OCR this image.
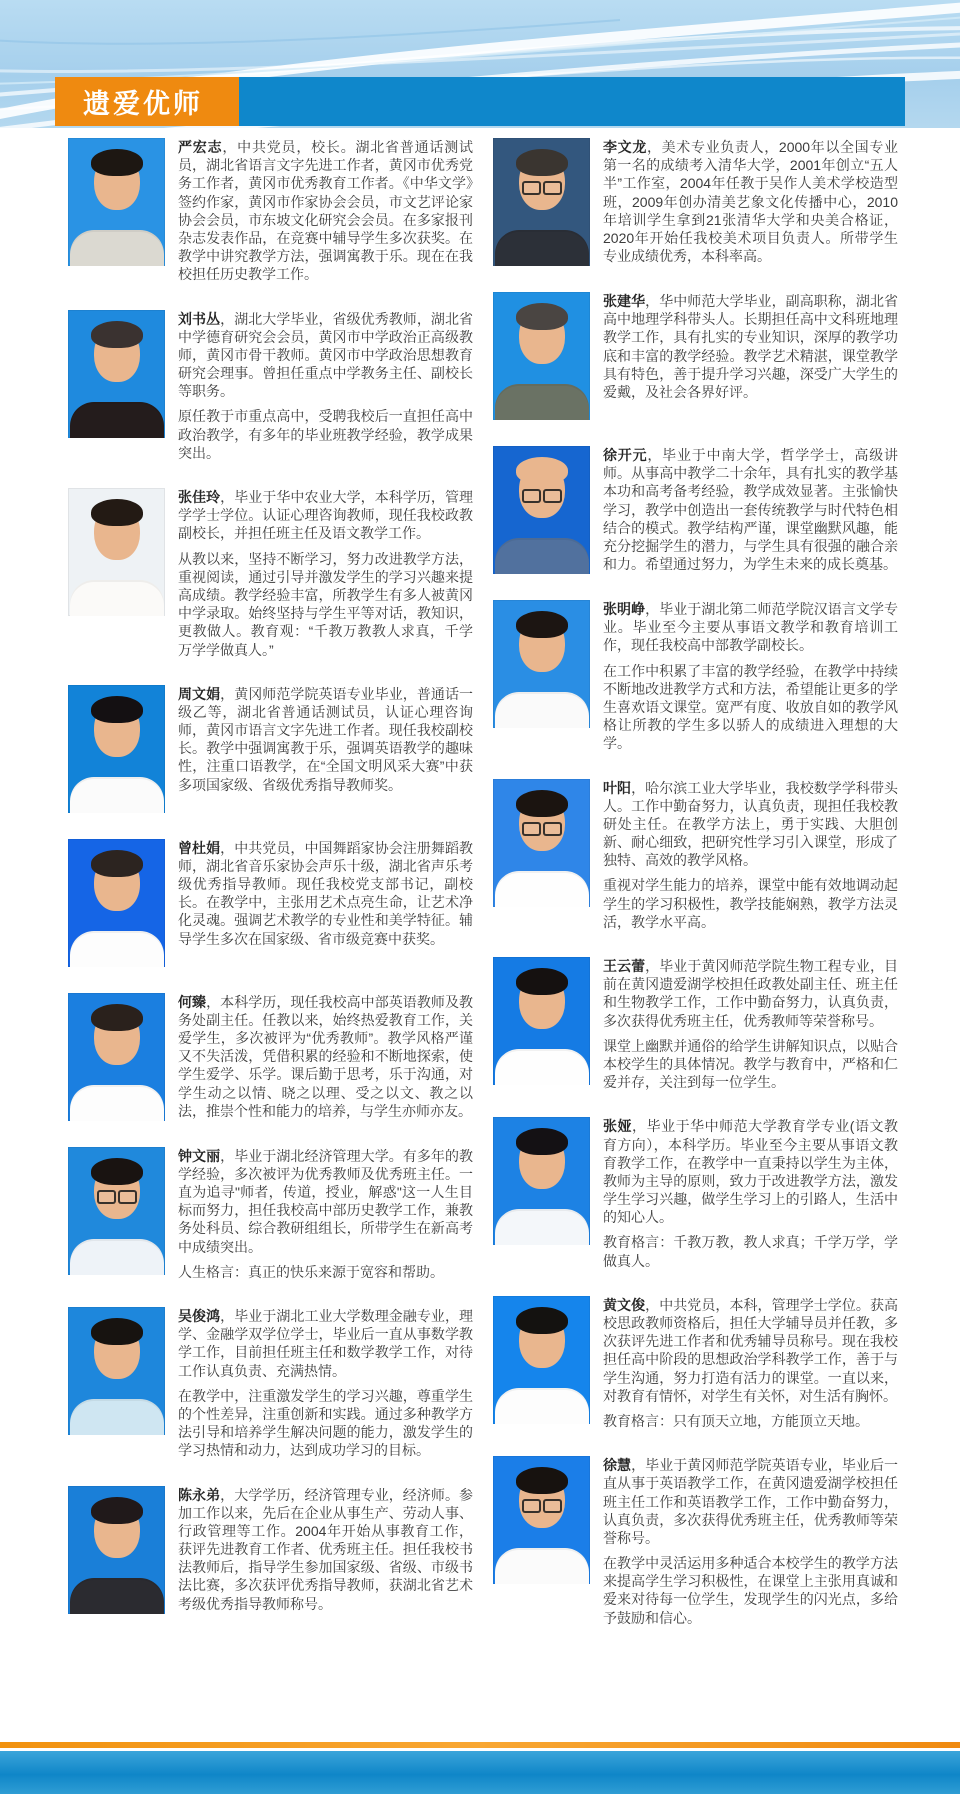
遗爱优师

严宏志，中共党员，校长。湖北省普通话测试员，湖北省语言文字先进工作者，黄冈市优秀党务工作者，黄冈市优秀教育工作者。《中华文学》签约作家，黄冈市作家协会会员，市文艺评论家协会会员，市东坡文化研究会会员。在多家报刊杂志发表作品，在竞赛中辅导学生多次获奖。在教学中讲究教学方法，强调寓教于乐。现在在我校担任历史教学工作。

刘书丛，湖北大学毕业，省级优秀教师，湖北省中学德育研究会会员，黄冈市中学政治正高级教师，黄冈市骨干教师。黄冈市中学政治思想教育研究会理事。曾担任重点中学教务主任、副校长等职务。

原任教于市重点高中，受聘我校后一直担任高中政治教学，有多年的毕业班教学经验，教学成果突出。

张佳玲，毕业于华中农业大学，本科学历，管理学学士学位。认证心理咨询教师，现任我校政教副校长，并担任班主任及语文教学工作。

从教以来，坚持不断学习，努力改进教学方法，重视阅读，通过引导并激发学生的学习兴趣来提高成绩。教学经验丰富，所教学生有多人被黄冈中学录取。始终坚持与学生平等对话，教知识，更教做人。教育观：“千教万教教人求真，千学万学学做真人。”

周文娟，黄冈师范学院英语专业毕业，普通话一级乙等，湖北省普通话测试员，认证心理咨询师，黄冈市语言文字先进工作者。现任我校副校长。教学中强调寓教于乐，强调英语教学的趣味性，注重口语教学，在“全国文明风采大赛”中获多项国家级、省级优秀指导教师奖。

曾杜娟，中共党员，中国舞蹈家协会注册舞蹈教师，湖北省音乐家协会声乐十级，湖北省声乐考级优秀指导教师。现任我校党支部书记，副校长。在教学中，主张用艺术点亮生命，让艺术净化灵魂。强调艺术教学的专业性和美学特征。辅导学生多次在国家级、省市级竞赛中获奖。

何臻，本科学历，现任我校高中部英语教师及教务处副主任。任教以来，始终热爱教育工作，关爱学生，多次被评为“优秀教师”。教学风格严谨又不失活泼，凭借积累的经验和不断地探索，使学生爱学、乐学。课后勤于思考，乐于沟通，对学生动之以情、晓之以理、受之以文、教之以法，推崇个性和能力的培养，与学生亦师亦友。

钟文丽，毕业于湖北经济管理大学。有多年的教学经验，多次被评为优秀教师及优秀班主任。一直为追寻"师者，传道，授业，解惑"这一人生目标而努力，担任我校高中部历史教学工作，兼教务处科员、综合教研组组长，所带学生在新高考中成绩突出。

人生格言：真正的快乐来源于宽容和帮助。

吴俊鸿，毕业于湖北工业大学数理金融专业，理学、金融学双学位学士，毕业后一直从事数学教学工作，目前担任班主任和数学教学工作，对待工作认真负责、充满热情。

在教学中，注重激发学生的学习兴趣，尊重学生的个性差异，注重创新和实践。通过多种教学方法引导和培养学生解决问题的能力，激发学生的学习热情和动力，达到成功学习的目标。

陈永弟，大学学历，经济管理专业，经济师。参加工作以来，先后在企业从事生产、劳动人事、行政管理等工作。2004年开始从事教育工作，获评先进教育工作者、优秀班主任。担任我校书法教师后，指导学生参加国家级、省级、市级书法比赛，多次获评优秀指导教师，获湖北省艺术考级优秀指导教师称号。

李文龙，美术专业负责人，2000年以全国专业第一名的成绩考入清华大学，2001年创立“五人半”工作室，2004年任教于吴作人美术学校造型班，2009年创办清美艺象文化传播中心，2010年培训学生拿到21张清华大学和央美合格证，2020年开始任我校美术项目负责人。所带学生专业成绩优秀，本科率高。

张建华，华中师范大学毕业，副高职称，湖北省高中地理学科带头人。长期担任高中文科班地理教学工作，具有扎实的专业知识，深厚的教学功底和丰富的教学经验。教学艺术精湛，课堂教学具有特色，善于提升学习兴趣，深受广大学生的爱戴，及社会各界好评。

徐开元，毕业于中南大学，哲学学士，高级讲师。从事高中教学二十余年，具有扎实的教学基本功和高考备考经验，教学成效显著。主张愉快学习，教学中创造出一套传统教学与时代特色相结合的模式。教学结构严谨，课堂幽默风趣，能充分挖掘学生的潜力，与学生具有很强的融合亲和力。希望通过努力，为学生未来的成长奠基。

张明峥，毕业于湖北第二师范学院汉语言文学专业。毕业至今主要从事语文教学和教育培训工作，现任我校高中部教学副校长。

在工作中积累了丰富的教学经验，在教学中持续不断地改进教学方式和方法，希望能让更多的学生喜欢语文课堂。宽严有度、收放自如的教学风格让所教的学生多以骄人的成绩进入理想的大学。

叶阳，哈尔滨工业大学毕业，我校数学学科带头人。工作中勤奋努力，认真负责，现担任我校教研处主任。在教学方法上，勇于实践、大胆创新、耐心细致，把研究性学习引入课堂，形成了独特、高效的教学风格。

重视对学生能力的培养，课堂中能有效地调动起学生的学习积极性，教学技能娴熟，教学方法灵活，教学水平高。

王云蕾，毕业于黄冈师范学院生物工程专业，目前在黄冈遗爱湖学校担任政教处副主任、班主任和生物教学工作，工作中勤奋努力，认真负责，多次获得优秀班主任，优秀教师等荣誉称号。

课堂上幽默并通俗的给学生讲解知识点，以贴合本校学生的具体情况。教学与教育中，严格和仁爱并存，关注到每一位学生。

张娅，毕业于华中师范大学教育学专业(语文教育方向），本科学历。毕业至今主要从事语文教育教学工作，在教学中一直秉持以学生为主体，教师为主导的原则，致力于改进教学方法，激发学生学习兴趣，做学生学习上的引路人，生活中的知心人。

教育格言：千教万教，教人求真；千学万学，学做真人。

黄文俊，中共党员，本科，管理学士学位。获高校思政教师资格后，担任大学辅导员并任教，多次获评先进工作者和优秀辅导员称号。现在我校担任高中阶段的思想政治学科教学工作，善于与学生沟通，努力打造有活力的课堂。一直以来，对教育有情怀，对学生有关怀，对生活有胸怀。

教育格言：只有顶天立地，方能顶立天地。

徐慧，毕业于黄冈师范学院英语专业，毕业后一直从事于英语教学工作，在黄冈遗爱湖学校担任班主任工作和英语教学工作，工作中勤奋努力，认真负责，多次获得优秀班主任，优秀教师等荣誉称号。

在教学中灵活运用多种适合本校学生的教学方法来提高学生学习积极性，在课堂上主张用真诚和爱来对待每一位学生，发现学生的闪光点，多给予鼓励和信心。
